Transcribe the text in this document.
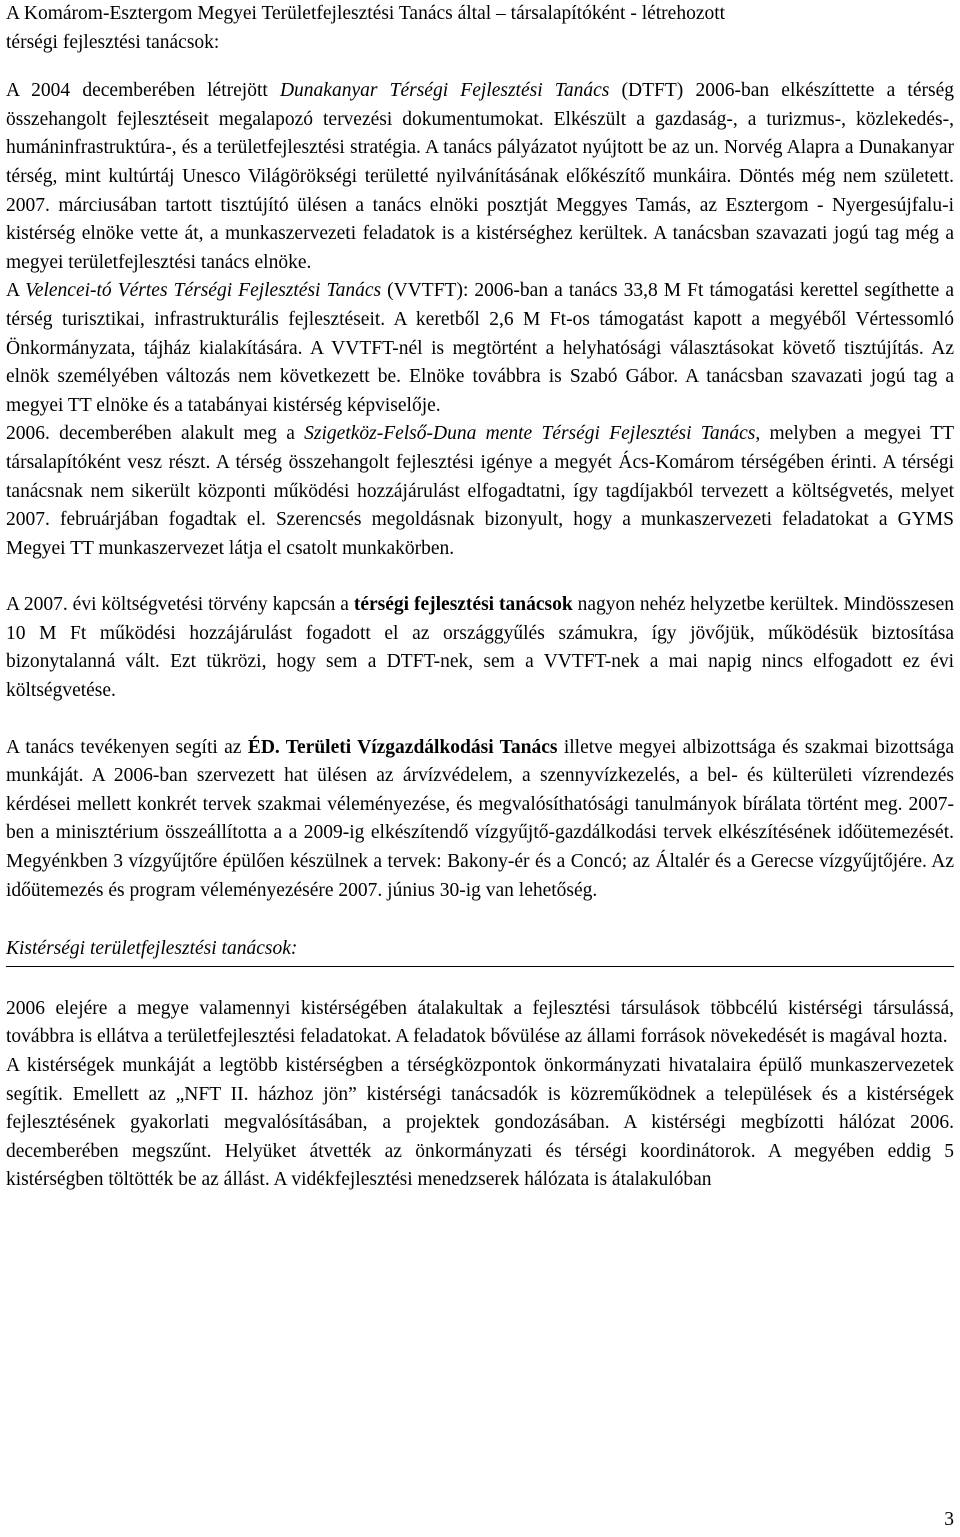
A Komárom-Esztergom Megyei Területfejlesztési Tanács által – társalapítóként - létrehozott
térségi fejlesztési tanácsok:

A 2004 decemberében létrejött Dunakanyar Térségi Fejlesztési Tanács (DTFT) 2006-ban elkészíttette a térség összehangolt fejlesztéseit megalapozó tervezési dokumentumokat. Elkészült a gazdaság-, a turizmus-, közlekedés-, humáninfrastruktúra-, és a területfejlesztési stratégia. A tanács pályázatot nyújtott be az un. Norvég Alapra a Dunakanyar térség, mint kultúrtáj Unesco Világörökségi területté nyilvánításának előkészítő munkáira. Döntés még nem született. 2007. márciusában tartott tisztújító ülésen a tanács elnöki posztját Meggyes Tamás, az Esztergom - Nyergesújfalu-i kistérség elnöke vette át, a munkaszervezeti feladatok is a kistérséghez kerültek. A tanácsban szavazati jogú tag még a megyei területfejlesztési tanács elnöke.

A Velencei-tó Vértes Térségi Fejlesztési Tanács (VVTFT): 2006-ban a tanács 33,8 M Ft támogatási kerettel segíthette a térség turisztikai, infrastrukturális fejlesztéseit. A keretből 2,6 M Ft-os támogatást kapott a megyéből Vértessomló Önkormányzata, tájház kialakítására. A VVTFT-nél is megtörtént a helyhatósági választásokat követő tisztújítás. Az elnök személyében változás nem következett be. Elnöke továbbra is Szabó Gábor. A tanácsban szavazati jogú tag a megyei TT elnöke és a tatabányai kistérség képviselője.

2006. decemberében alakult meg a Szigetköz-Felső-Duna mente Térségi Fejlesztési Tanács, melyben a megyei TT társalapítóként vesz részt. A térség összehangolt fejlesztési igénye a megyét Ács-Komárom térségében érinti. A térségi tanácsnak nem sikerült központi működési hozzájárulást elfogadtatni, így tagdíjakból tervezett a költségvetés, melyet 2007. februárjában fogadtak el. Szerencsés megoldásnak bizonyult, hogy a munkaszervezeti feladatokat a GYMS Megyei TT munkaszervezet látja el csatolt munkakörben.

A 2007. évi költségvetési törvény kapcsán a térségi fejlesztési tanácsok nagyon nehéz helyzetbe kerültek. Mindösszesen 10 M Ft működési hozzájárulást fogadott el az országgyűlés számukra, így jövőjük, működésük biztosítása bizonytalanná vált. Ezt tükrözi, hogy sem a DTFT-nek, sem a VVTFT-nek a mai napig nincs elfogadott ez évi költségvetése.

A tanács tevékenyen segíti az ÉD. Területi Vízgazdálkodási Tanács illetve megyei albizottsága és szakmai bizottsága munkáját. A 2006-ban szervezett hat ülésen az árvízvédelem, a szennyvízkezelés, a bel- és külterületi vízrendezés kérdései mellett konkrét tervek szakmai véleményezése, és megvalósíthatósági tanulmányok bírálata történt meg. 2007-ben a minisztérium összeállította a a 2009-ig elkészítendő vízgyűjtő-gazdálkodási tervek elkészítésének időütemezését. Megyénkben 3 vízgyűjtőre épülően készülnek a tervek: Bakony-ér és a Concó; az Általér és a Gerecse vízgyűjtőjére. Az időütemezés és program véleményezésére 2007. június 30-ig van lehetőség.

Kistérségi területfejlesztési tanácsok:

2006 elejére a megye valamennyi kistérségében átalakultak a fejlesztési társulások többcélú kistérségi társulássá, továbbra is ellátva a területfejlesztési feladatokat. A feladatok bővülése az állami források növekedését is magával hozta.

A kistérségek munkáját a legtöbb kistérségben a térségközpontok önkormányzati hivatalaira épülő munkaszervezetek segítik. Emellett az „NFT II. házhoz jön” kistérségi tanácsadók is közreműködnek a települések és a kistérségek fejlesztésének gyakorlati megvalósításában, a projektek gondozásában. A kistérségi megbízotti hálózat 2006. decemberében megszűnt. Helyüket átvették az önkormányzati és térségi koordinátorok. A megyében eddig 5 kistérségben töltötték be az állást. A vidékfejlesztési menedzserek hálózata is átalakulóban

3
